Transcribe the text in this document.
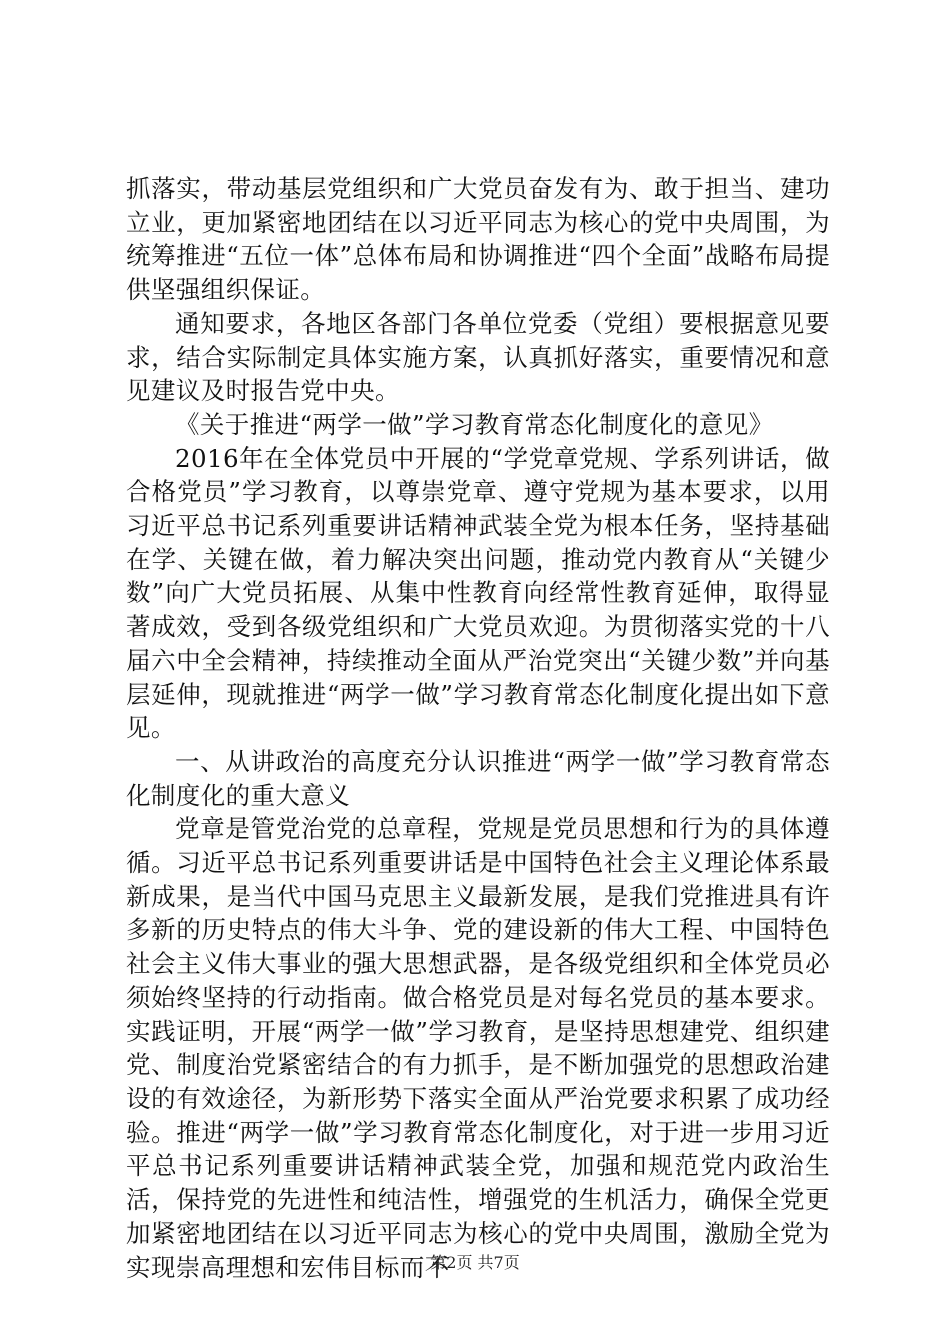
抓落实，带动基层党组织和广大党员奋发有为、敢于担当、建功立业，更加紧密地团结在以习近平同志为核心的党中央周围，为统筹推进“五位一体”总体布局和协调推进“四个全面”战略布局提供坚强组织保证。

通知要求，各地区各部门各单位党委（党组）要根据意见要求，结合实际制定具体实施方案，认真抓好落实，重要情况和意见建议及时报告党中央。

《关于推进“两学一做”学习教育常态化制度化的意见》

2016年在全体党员中开展的“学党章党规、学系列讲话，做合格党员”学习教育，以尊崇党章、遵守党规为基本要求，以用习近平总书记系列重要讲话精神武装全党为根本任务，坚持基础在学、关键在做，着力解决突出问题，推动党内教育从“关键少数”向广大党员拓展、从集中性教育向经常性教育延伸，取得显著成效，受到各级党组织和广大党员欢迎。为贯彻落实党的十八届六中全会精神，持续推动全面从严治党突出“关键少数”并向基层延伸，现就推进“两学一做”学习教育常态化制度化提出如下意见。

一、从讲政治的高度充分认识推进“两学一做”学习教育常态化制度化的重大意义

党章是管党治党的总章程，党规是党员思想和行为的具体遵循。习近平总书记系列重要讲话是中国特色社会主义理论体系最新成果，是当代中国马克思主义最新发展，是我们党推进具有许多新的历史特点的伟大斗争、党的建设新的伟大工程、中国特色社会主义伟大事业的强大思想武器，是各级党组织和全体党员必须始终坚持的行动指南。做合格党员是对每名党员的基本要求。实践证明，开展“两学一做”学习教育，是坚持思想建党、组织建党、制度治党紧密结合的有力抓手，是不断加强党的思想政治建设的有效途径，为新形势下落实全面从严治党要求积累了成功经验。推进“两学一做”学习教育常态化制度化，对于进一步用习近平总书记系列重要讲话精神武装全党，加强和规范党内政治生活，保持党的先进性和纯洁性，增强党的生机活力，确保全党更加紧密地团结在以习近平同志为核心的党中央周围，激励全党为实现崇高理想和宏伟目标而不

第2页 共7页
